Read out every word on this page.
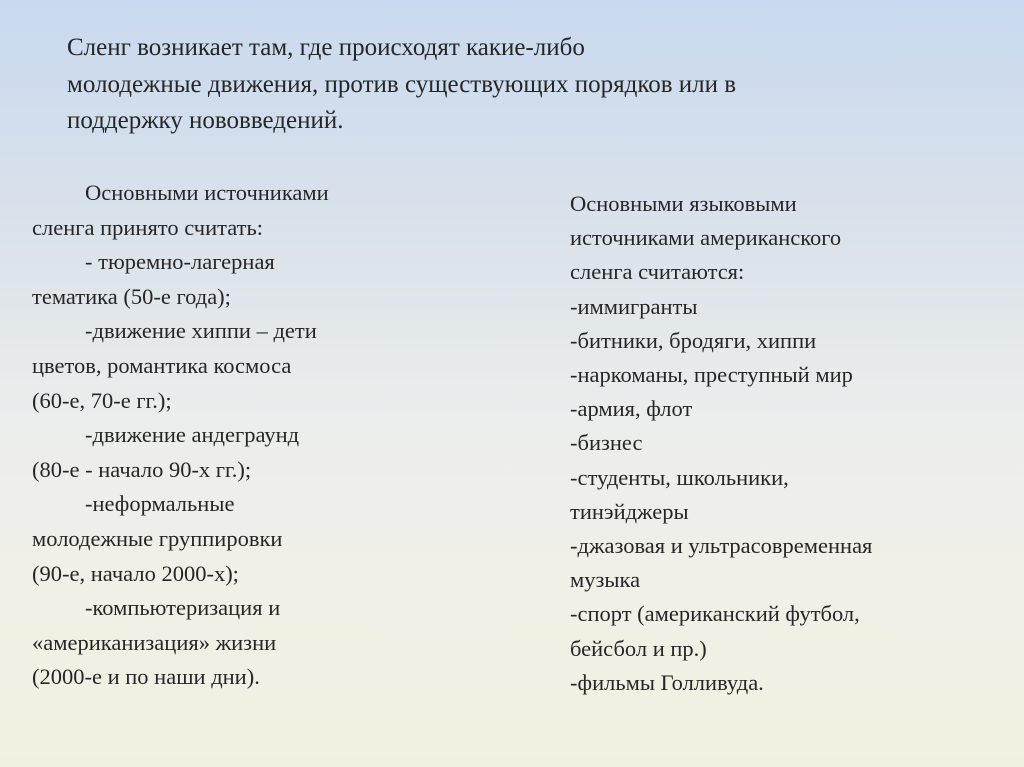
Сленг возникает там, где происходят какие-либо
молодежные движения, против существующих порядков или в
поддержку нововведений.

Основными источниками
сленга принято считать:
- тюремно-лагерная
тематика (50-е года);
-движение хиппи – дети
цветов, романтика космоса
(60-е, 70-е гг.);
-движение андеграунд
(80-е - начало 90-х гг.);
-неформальные
молодежные группировки
(90-е, начало 2000-х);
-компьютеризация и
«американизация» жизни
(2000-е и по наши дни).
Основными языковыми
источниками американского
сленга считаются:
-иммигранты
-битники, бродяги, хиппи
-наркоманы, преступный мир
-армия, флот
-бизнес
-студенты, школьники,
тинэйджеры
-джазовая и ультрасовременная
музыка
-спорт (американский футбол,
бейсбол и пр.)
-фильмы Голливуда.
